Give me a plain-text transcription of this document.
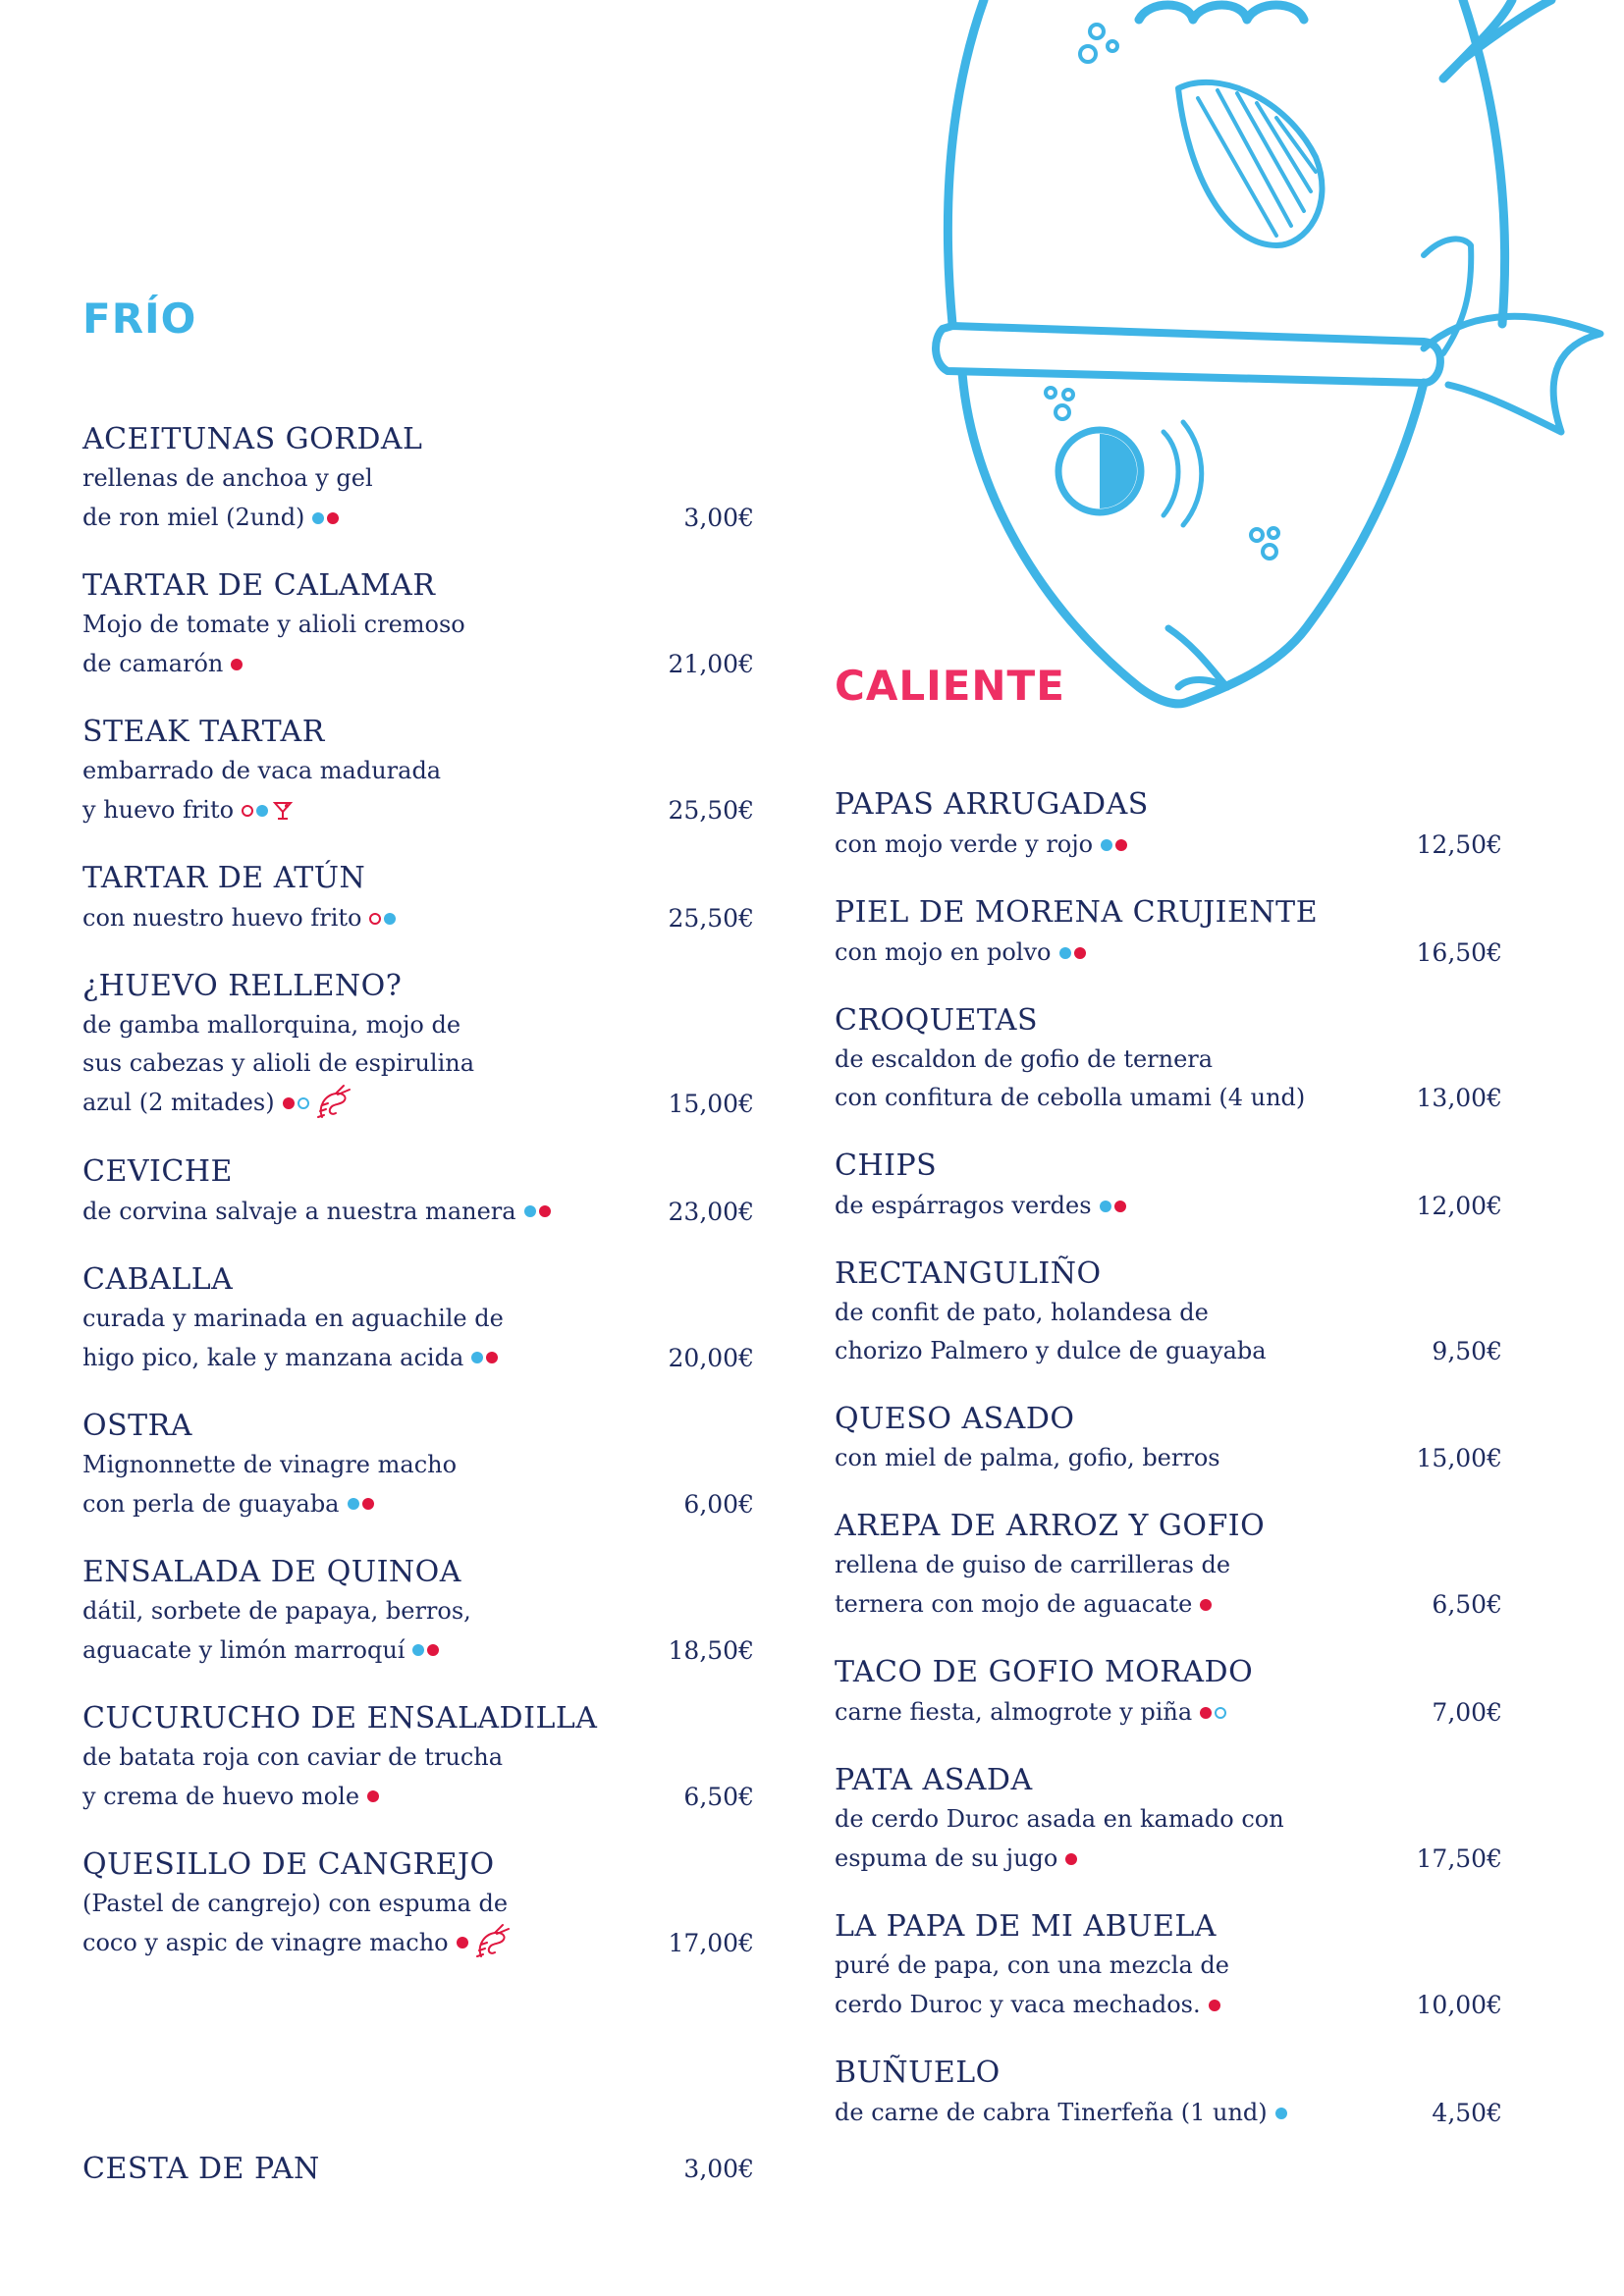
FRÍO
ACEITUNAS GORDAL
rellenas de anchoa y gel
de ron miel (2und)	3,00€
TARTAR DE CALAMAR
Mojo de tomate y alioli cremoso
de camarón	21,00€
STEAK TARTAR
embarrado de vaca madurada
y huevo frito	25,50€
TARTAR DE ATÚN
con nuestro huevo frito	25,50€
¿HUEVO RELLENO?
de gamba mallorquina, mojo de
sus cabezas y alioli de espirulina
azul (2 mitades)	15,00€
CEVICHE
de corvina salvaje a nuestra manera	23,00€
CABALLA
curada y marinada en aguachile de
higo pico, kale y manzana acida	20,00€
OSTRA
Mignonnette de vinagre macho
con perla de guayaba	6,00€
ENSALADA DE QUINOA
dátil, sorbete de papaya, berros,
aguacate y limón marroquí	18,50€
CUCURUCHO DE ENSALADILLA
de batata roja con caviar de trucha
y crema de huevo mole	6,50€
QUESILLO DE CANGREJO
(Pastel de cangrejo) con espuma de
coco y aspic de vinagre macho	17,00€
CESTA DE PAN	3,00€
CALIENTE
PAPAS ARRUGADAS
con mojo verde y rojo	12,50€
PIEL DE MORENA CRUJIENTE
con mojo en polvo	16,50€
CROQUETAS
de escaldon de gofio de ternera
con confitura de cebolla umami (4 und)	13,00€
CHIPS
de espárragos verdes	12,00€
RECTANGULIÑO
de confit de pato, holandesa de
chorizo Palmero y dulce de guayaba	9,50€
QUESO ASADO
con miel de palma, gofio, berros	15,00€
AREPA DE ARROZ Y GOFIO
rellena de guiso de carrilleras de
ternera con mojo de aguacate	6,50€
TACO DE GOFIO MORADO
carne fiesta, almogrote y piña	7,00€
PATA ASADA
de cerdo Duroc asada en kamado con
espuma de su jugo	17,50€
LA PAPA DE MI ABUELA
puré de papa, con una mezcla de
cerdo Duroc y vaca mechados.	10,00€
BUÑUELO
de carne de cabra Tinerfeña (1 und)	4,50€
